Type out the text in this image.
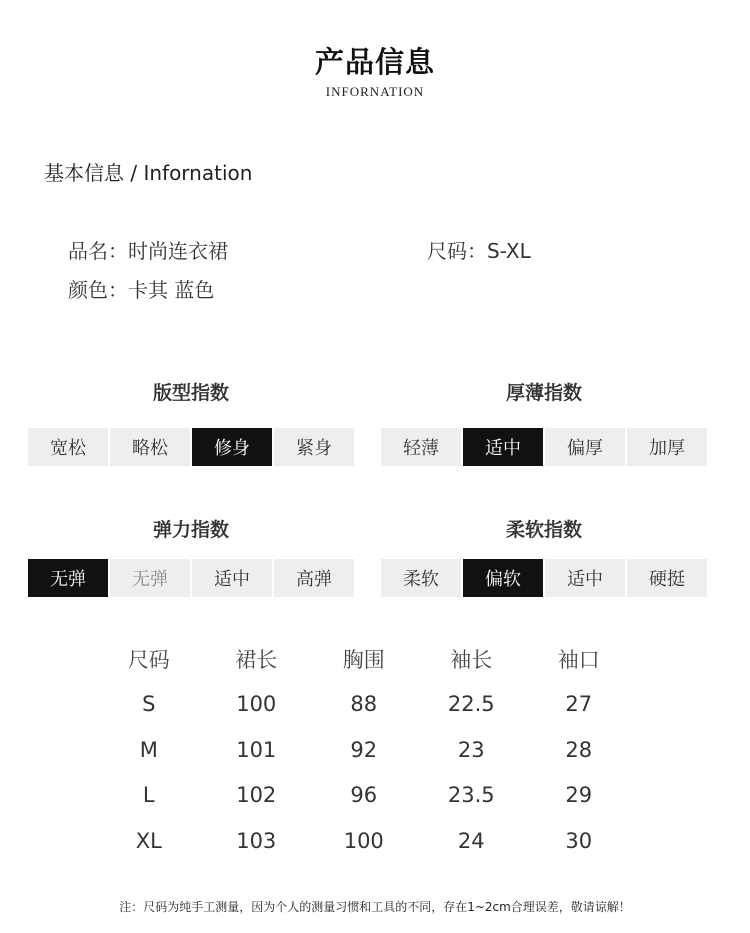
产品信息
INFORNATION
基本信息 / Infornation
品名：时尚连衣裙	尺码：S-XL
颜色：卡其 蓝色
版型指数
宽松	略松	修身	紧身
厚薄指数
轻薄	适中	偏厚	加厚
弹力指数
无弹	无弹	适中	高弹
柔软指数
柔软	偏软	适中	硬挺
尺码	裙长	胸围	袖长	袖口
S	100	88	22.5	27
M	101	92	23	28
L	102	96	23.5	29
XL	103	100	24	30
注：尺码为纯手工测量，因为个人的测量习惯和工具的不同，存在1~2cm合理误差，敬请谅解！
